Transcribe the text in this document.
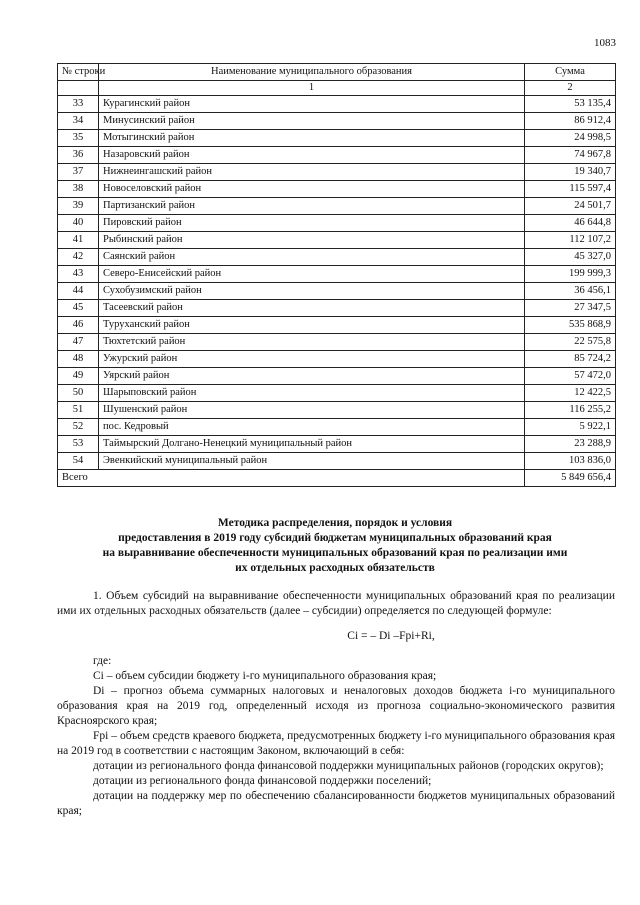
1083
№ строки	Наименование муниципального образования	Сумма
	1	2
33	Курагинский район	53 135,4
34	Минусинский район	86 912,4
35	Мотыгинский район	24 998,5
36	Назаровский район	74 967,8
37	Нижнеингашский район	19 340,7
38	Новоселовский район	115 597,4
39	Партизанский район	24 501,7
40	Пировский район	46 644,8
41	Рыбинский район	112 107,2
42	Саянский район	45 327,0
43	Северо-Енисейский район	199 999,3
44	Сухобузимский район	36 456,1
45	Тасеевский район	27 347,5
46	Туруханский район	535 868,9
47	Тюхтетский район	22 575,8
48	Ужурский район	85 724,2
49	Уярский район	57 472,0
50	Шарыповский район	12 422,5
51	Шушенский район	116 255,2
52	пос. Кедровый	5 922,1
53	Таймырский Долгано-Ненецкий муниципальный район	23 288,9
54	Эвенкийский муниципальный район	103 836,0
Всего		5 849 656,4
Методика распределения, порядок и условия
предоставления в 2019 году субсидий бюджетам муниципальных образований края
на выравнивание обеспеченности муниципальных образований края по реализации ими
их отдельных расходных обязательств

1. Объем субсидий на выравнивание обеспеченности муниципальных образований края по реализации ими их отдельных расходных обязательств (далее – субсидии) определяется по следующей формуле:

Ci = – Di –Fpi+Ri,

где:

Ci – объем субсидии бюджету i-го муниципального образования края;

Di – прогноз объема суммарных налоговых и неналоговых доходов бюджета i-го муниципального образования края на 2019 год, определенный исходя из прогноза социально-экономического развития Красноярского края;

Fpi – объем средств краевого бюджета, предусмотренных бюджету i-го муниципального образования края на 2019 год в соответствии с настоящим Законом, включающий в себя:

дотации из регионального фонда финансовой поддержки муниципальных районов (городских округов);

дотации из регионального фонда финансовой поддержки поселений;

дотации на поддержку мер по обеспечению сбалансированности бюджетов муниципальных образований края;
